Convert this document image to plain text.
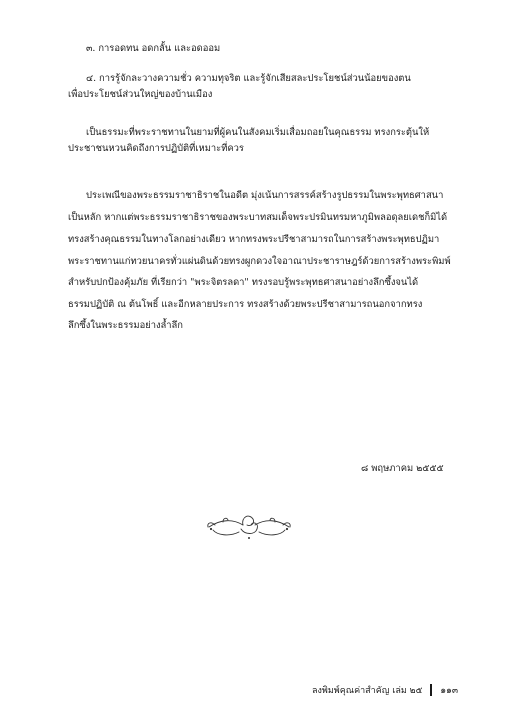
๓. การอดทน อดกลั้น และอดออม
๔. การรู้จักละวางความชั่ว ความทุจริต และรู้จักเสียสละประโยชน์ส่วนน้อยของตน
เพื่อประโยชน์ส่วนใหญ่ของบ้านเมือง
เป็นธรรมะที่พระราชทานในยามที่ผู้คนในสังคมเริ่มเสื่อมถอยในคุณธรรม ทรงกระตุ้นให้
ประชาชนหวนคิดถึงการปฏิบัติที่เหมาะที่ควร
ประเพณีของพระธรรมราชาธิราชในอดีต มุ่งเน้นการสรรค์สร้างรูปธรรมในพระพุทธศาสนา
เป็นหลัก หากแต่พระธรรมราชาธิราชของพระบาทสมเด็จพระปรมินทรมหาภูมิพลอดุลยเดชก็มิได้
ทรงสร้างคุณธรรมในทางโลกอย่างเดียว หากทรงพระปรีชาสามารถในการสร้างพระพุทธปฏิมา
พระราชทานแก่ทวยนาครทั่วแผ่นดินด้วยทรงผูกดวงใจอาณาประชาราษฎร์ด้วยการสร้างพระพิมพ์
สำหรับปกป้องคุ้มภัย ที่เรียกว่า "พระจิตรลดา" ทรงรอบรู้พระพุทธศาสนาอย่างลึกซึ้งจนได้
ธรรมปฏิบัติ ณ ต้นโพธิ์ และอีกหลายประการ ทรงสร้างด้วยพระปรีชาสามารถนอกจากทรง
ลึกซึ้งในพระธรรมอย่างล้ำลึก
๘ พฤษภาคม ๒๕๕๕
ลงพิมพ์คุณค่าสำคัญ เล่ม ๒๕ ๑๑๓
